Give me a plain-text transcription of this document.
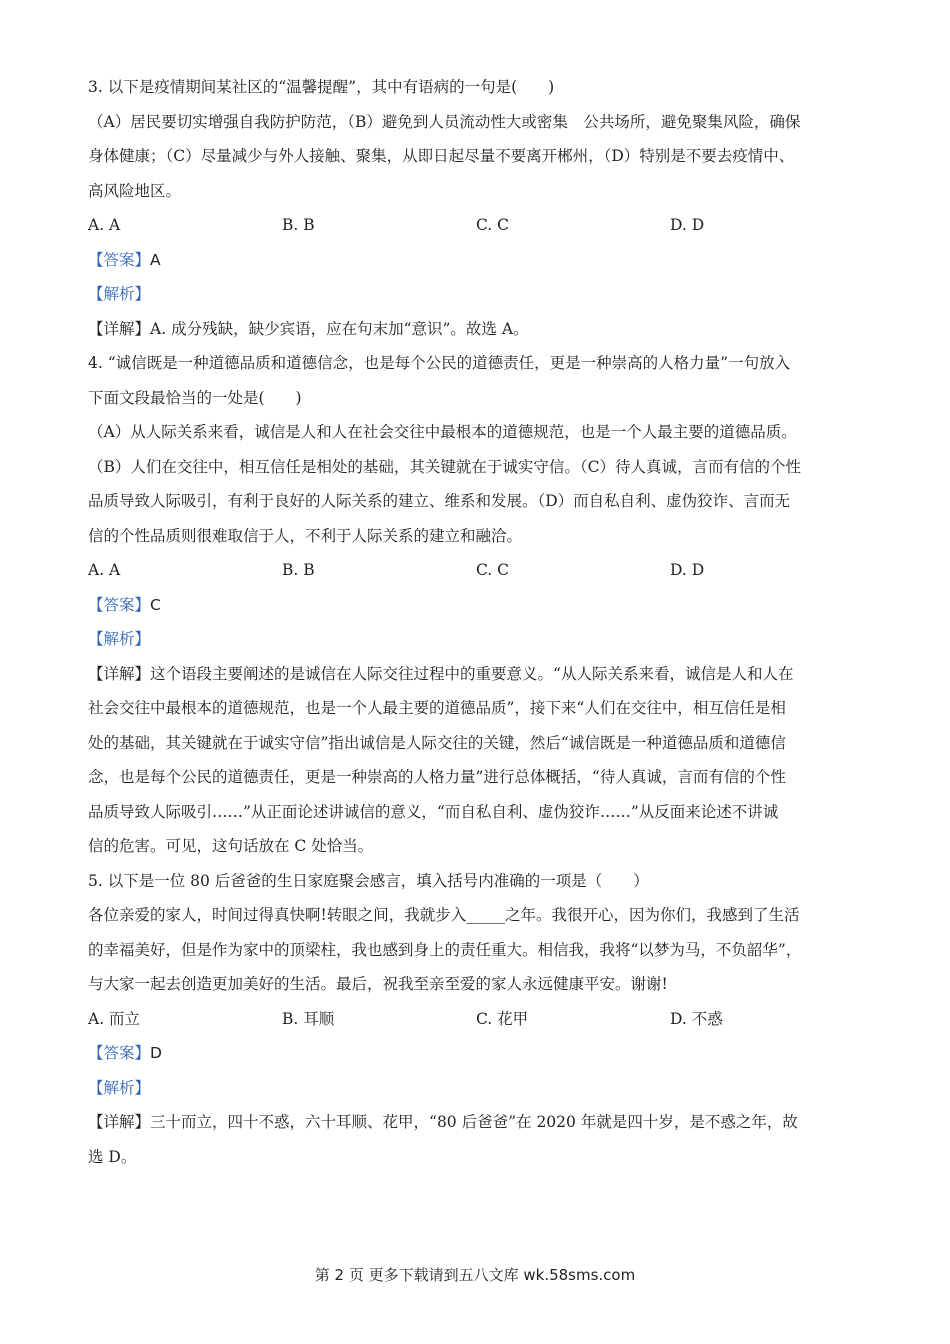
3. 以下是疫情期间某社区的“温馨提醒”，其中有语病的一句是(　　)
（A）居民要切实增强自我防护防范，（B）避免到人员流动性大或密集　公共场所，避免聚集风险，确保
身体健康；（C）尽量减少与外人接触、聚集，从即日起尽量不要离开郴州，（D）特别是不要去疫情中、
高风险地区。
A. A	B. B	C. C	D. D
【答案】A
【解析】
【详解】A. 成分残缺，缺少宾语，应在句末加“意识”。故选 A。
4. “诚信既是一种道德品质和道德信念，也是每个公民的道德责任，更是一种崇高的人格力量”一句放入
下面文段最恰当的一处是(　　)
（A）从人际关系来看，诚信是人和人在社会交往中最根本的道德规范，也是一个人最主要的道德品质。
（B）人们在交往中，相互信任是相处的基础，其关键就在于诚实守信。（C）待人真诚，言而有信的个性
品质导致人际吸引，有利于良好的人际关系的建立、维系和发展。（D）而自私自利、虚伪狡诈、言而无
信的个性品质则很难取信于人，不利于人际关系的建立和融洽。
A. A	B. B	C. C	D. D
【答案】C
【解析】
【详解】这个语段主要阐述的是诚信在人际交往过程中的重要意义。“从人际关系来看，诚信是人和人在
社会交往中最根本的道德规范，也是一个人最主要的道德品质”，接下来“人们在交往中，相互信任是相
处的基础，其关键就在于诚实守信”指出诚信是人际交往的关键，然后“诚信既是一种道德品质和道德信
念，也是每个公民的道德责任，更是一种崇高的人格力量”进行总体概括，“待人真诚，言而有信的个性
品质导致人际吸引……”从正面论述讲诚信的意义，“而自私自利、虚伪狡诈……”从反面来论述不讲诚
信的危害。可见，这句话放在 C 处恰当。
5. 以下是一位 80 后爸爸的生日家庭聚会感言，填入括号内准确的一项是（　　）
各位亲爱的家人，时间过得真快啊!转眼之间，我就步入_____之年。我很开心，因为你们，我感到了生活
的幸福美好，但是作为家中的顶梁柱，我也感到身上的责任重大。相信我，我将“以梦为马，不负韶华”，
与大家一起去创造更加美好的生活。最后，祝我至亲至爱的家人永远健康平安。谢谢!
A. 而立	B. 耳顺	C. 花甲	D. 不惑
【答案】D
【解析】
【详解】三十而立，四十不惑，六十耳顺、花甲，“80 后爸爸”在 2020 年就是四十岁，是不惑之年，故
选 D。
第 2 页 更多下载请到五八文库 wk.58sms.com
